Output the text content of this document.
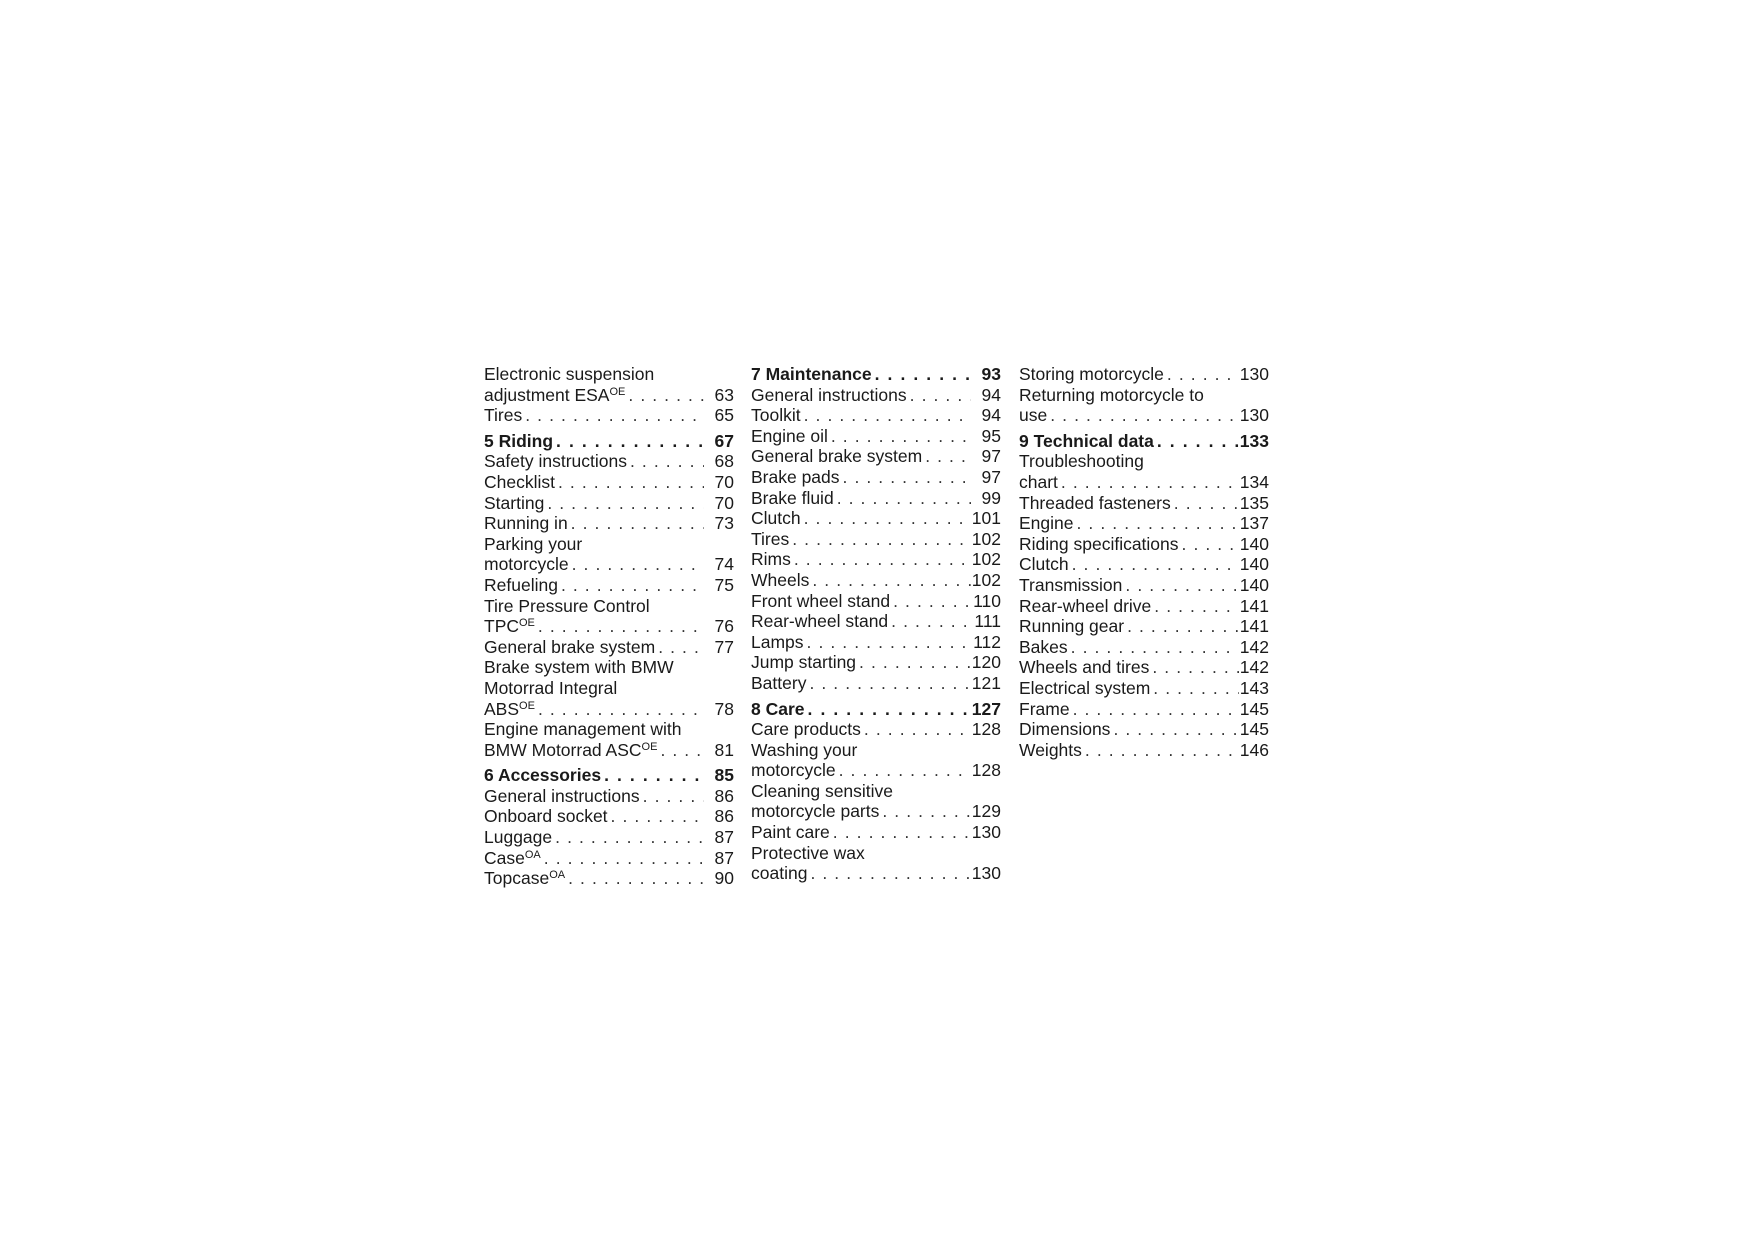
Electronic suspension
adjustment $ESA^{OE}$ . . .	63
Tires . . .	65
5 Riding . . .	67
Safety instructions . . .	68
Checklist . . .	70
Starting . . .	70
Running in . . .	73
Parking your
motorcycle . . .	74
Refueling . . .	75
Tire Pressure Control
$TPC^{OE}$ . . .	76
General brake system . . .	77
Brake system with BMW
Motorrad Integral
$ABS^{OE}$ . . .	78
Engine management with
BMW Motorrad $ASC^{OE}$ . . .	81
6 Accessories . . .	85
General instructions . . .	86
Onboard socket . . .	86
Luggage . . .	87
Case$^{OA}$ . . .	87
Topcase$^{OA}$ . . .	90
7 Maintenance . . .	93
General instructions . . .	94
Toolkit . . .	94
Engine oil . . .	95
General brake system . . .	97
Brake pads . . .	97
Brake fluid . . .	99
Clutch . . .	101
Tires . . .	102
Rims . . .	102
Wheels . . .	102
Front wheel stand . . .	110
Rear-wheel stand . . .	111
Lamps . . .	112
Jump starting . . .	120
Battery . . .	121
8 Care . . .	127
Care products . . .	128
Washing your
motorcycle . . .	128
Cleaning sensitive
motorcycle parts . . .	129
Paint care . . .	130
Protective wax
coating . . .	130
Storing motorcycle . . .	130
Returning motorcycle to
use . . .	130
9 Technical data . . .	133
Troubleshooting
chart . . .	134
Threaded fasteners . . .	135
Engine . . .	137
Riding specifications . . .	140
Clutch . . .	140
Transmission . . .	140
Rear-wheel drive . . .	141
Running gear . . .	141
Bakes . . .	142
Wheels and tires . . .	142
Electrical system . . .	143
Frame . . .	145
Dimensions . . .	145
Weights . . .	146
